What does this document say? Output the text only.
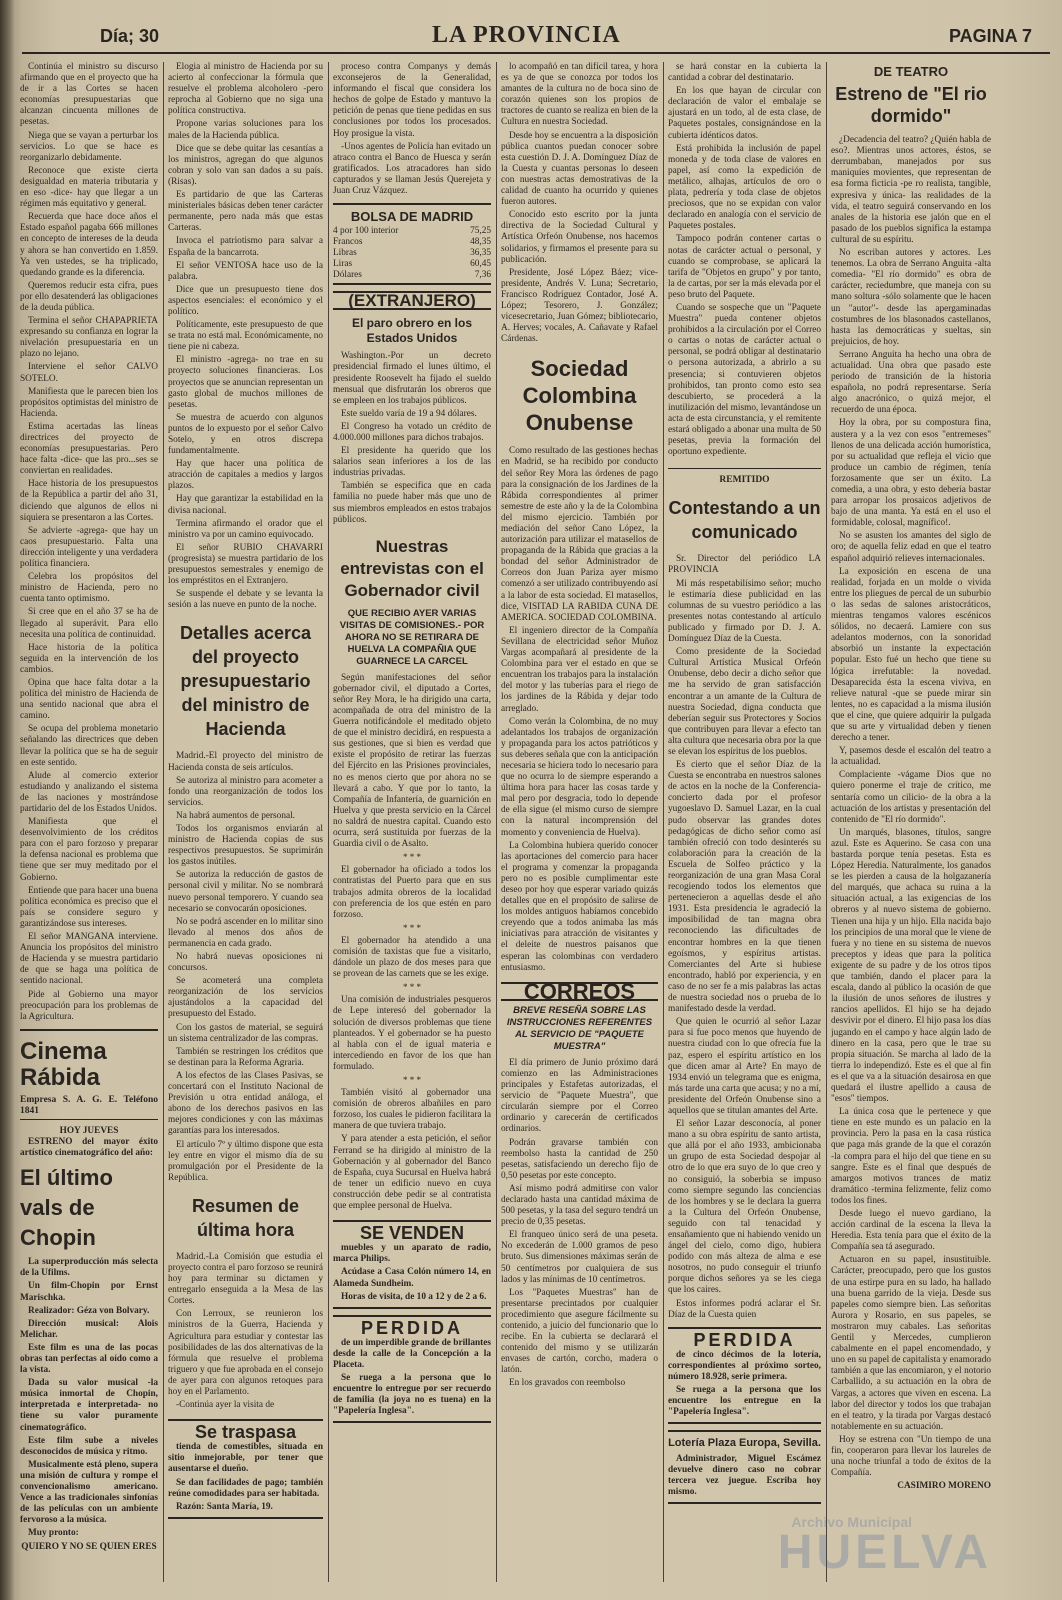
Día; 30	LA PROVINCIA	PAGINA 7

Continúa el ministro su discurso afirmando que en el proyecto que ha de ir a las Cortes se hacen economías presupuestarias que alcanzan cincuenta millones de pesetas.

Niega que se vayan a perturbar los servicios. Lo que se hace es reorganizarlo debidamente.

Reconoce que existe cierta desigualdad en materia tributaria y en eso -dice- hay que llegar a un régimen más equitativo y general.

Recuerda que hace doce años el Estado español pagaba 666 millones en concepto de intereses de la deuda y ahora se han convertido en 1.859. Ya ven ustedes, se ha triplicado, quedando grande es la diferencia.

Queremos reducir esta cifra, pues por ello desatenderá las obligaciones de la deuda pública.

Termina el señor CHAPAPRIETA expresando su confianza en lograr la nivelación presupuestaria en un plazo no lejano.

Interviene el señor CALVO SOTELO.

Manifiesta que le parecen bien los propósitos optimistas del ministro de Hacienda.

Estima acertadas las líneas directrices del proyecto de economías presupuestarias. Pero hace falta -dice- que las pro...ses se conviertan en realidades.

Hace historia de los presupuestos de la República a partir del año 31, diciendo que algunos de ellos ni siquiera se presentaron a las Cortes.

Se advierte -agrega- que hay un caos presupuestario. Falta una dirección inteligente y una verdadera política financiera.

Celebra los propósitos del ministro de Hacienda, pero no cuenta tanto optimismo.

Si cree que en el año 37 se ha de llegado al superávit. Para ello necesita una política de continuidad.

Hace historia de la política seguida en la intervención de los cambios.

Opina que hace falta dotar a la política del ministro de Hacienda de una sentido nacional que abra el camino.

Se ocupa del problema monetario señalando las directrices que deben llevar la política que se ha de seguir en este sentido.

Alude al comercio exterior estudiando y analizando el sistema de las naciones y mostrándose partidario del de los Estados Unidos.

Manifiesta que el desenvolvimiento de los créditos para con el paro forzoso y preparar la defensa nacional es problema que tiene que ser muy meditado por el Gobierno.

Entiende que para hacer una buena política económica es preciso que el país se considere seguro y garantizándose sus intereses.

El señor MANGANA interviene. Anuncia los propósitos del ministro de Hacienda y se muestra partidario de que se haga una política de sentido nacional.

Pide al Gobierno una mayor preocupación para los problemas de la Agricultura.

Cinema Rábida
Empresa S. A. G. E. Teléfono 1841
HOY JUEVES

ESTRENO del mayor éxito artístico cinematográfico del año:

El último vals de Chopin

La superproducción más selecta de la Ufilms.

Un film-Chopin por Ernst Marischka.

Realizador: Géza von Bolvary.

Dirección musical: Alois Melichar.

Este film es una de las pocas obras tan perfectas al oído como a la vista.

Dada su valor musical -la música inmortal de Chopin, interpretada e interpretada- no tiene su valor puramente cinematográfico.

Este film sube a niveles desconocidos de música y ritmo.

Musicalmente está pleno, supera una misión de cultura y rompe el convencionalismo americano. Vence a las tradicionales sinfonías de las películas con un ambiente fervoroso a la música.

Muy pronto:

QUIERO Y NO SE QUIEN ERES

Elogia al ministro de Hacienda por su acierto al confeccionar la fórmula que resuelve el problema alcoholero -pero reprocha al Gobierno que no siga una política constructiva.

Propone varias soluciones para los males de la Hacienda pública.

Dice que se debe quitar las cesantías a los ministros, agregan do que algunos cobran y solo van san dados a su país. (Risas).

Es partidario de que las Carteras ministeriales básicas deben tener carácter permanente, pero nada más que estas Carteras.

Invoca el patriotismo para salvar a España de la bancarrota.

El señor VENTOSA hace uso de la palabra.

Dice que un presupuesto tiene dos aspectos esenciales: el económico y el político.

Políticamente, este presupuesto de que se trata no está mal. Económicamente, no tiene pie ni cabeza.

El ministro -agrega- no trae en su proyecto soluciones financieras. Los proyectos que se anuncian representan un gasto global de muchos millones de pesetas.

Se muestra de acuerdo con algunos puntos de lo expuesto por el señor Calvo Sotelo, y en otros discrepa fundamentalmente.

Hay que hacer una política de atracción de capitales a medios y largos plazos.

Hay que garantizar la estabilidad en la divisa nacional.

Termina afirmando el orador que el ministro va por un camino equivocado.

El señor RUBIO CHAVARRI (progresista) se muestra partidario de los presupuestos semestrales y enemigo de los empréstitos en el Extranjero.

Se suspende el debate y se levanta la sesión a las nueve en punto de la noche.

Detalles acerca del proyecto presupuestario del ministro de Hacienda

Madrid.-El proyecto del ministro de Hacienda consta de seis artículos.

Se autoriza al ministro para acometer a fondo una reorganización de todos los servicios.

Na habrá aumentos de personal.

Todos los organismos enviarán al ministro de Hacienda copias de sus respectivos presupuestos. Se suprimirán los gastos inútiles.

Se autoriza la reducción de gastos de personal civil y militar. No se nombrará nuevo personal temporero. Y cuando sea necesario se convocarán oposiciones.

No se podrá ascender en lo militar sino llevado al menos dos años de permanencia en cada grado.

No habrá nuevas oposiciones ni concursos.

Se acometerá una completa reorganización de los servicios ajustándolos a la capacidad del presupuesto del Estado.

Con los gastos de material, se seguirá un sistema centralizador de las compras.

También se restringen los créditos que se destinan para la Reforma Agraria.

A los efectos de las Clases Pasivas, se concertará con el Instituto Nacional de Previsión u otra entidad análoga, el abono de los derechos pasivos en las mejores condiciones y con las máximas garantías para los interesados.

El artículo 7º y último dispone que esta ley entre en vigor el mismo día de su promulgación por el Presidente de la República.

Resumen de última hora

Madrid.-La Comisión que estudia el proyecto contra el paro forzoso se reunirá hoy para terminar su dictamen y entregarlo enseguida a la Mesa de las Cortes.

Con Lerroux, se reunieron los ministros de la Guerra, Hacienda y Agricultura para estudiar y contestar las posibilidades de las dos alternativas de la fórmula que resuelve el problema triguero y que fue aprobada en el consejo de ayer para con algunos retoques para hoy en el Parlamento.

-Continúa ayer la visita de

Se traspasa

tienda de comestibles, situada en sitio inmejorable, por tener que ausentarse el dueño.

Se dan facilidades de pago; también reúne comodidades para ser habitada.

Razón: Santa María, 19.

proceso contra Companys y demás exconsejeros de la Generalidad, informando el fiscal que considera los hechos de golpe de Estado y mantuvo la petición de penas que tiene pedidas en sus conclusiones por todos los procesados. Hoy prosigue la vista.

-Unos agentes de Policía han evitado un atraco contra el Banco de Huesca y serán gratificados. Los atracadores han sido capturados y se llaman Jesús Querejeta y Juan Cruz Vázquez.

BOLSA DE MADRID
4 por 100 interior	75,25
Francos	48,35
Libras	36,35
Liras	60,45
Dólares	7,36
(EXTRANJERO)
El paro obrero en los Estados Unidos

Washington.-Por un decreto presidencial firmado el lunes último, el presidente Roosevelt ha fijado el sueldo mensual que disfrutarán los obreros que se empleen en los trabajos públicos.

Este sueldo varía de 19 a 94 dólares.

El Congreso ha votado un crédito de 4.000.000 millones para dichos trabajos.

El presidente ha querido que los salarios sean inferiores a los de las industrias privadas.

También se especifica que en cada familia no puede haber más que uno de sus miembros empleados en estos trabajos públicos.

Nuestras entrevistas con el Gobernador civil
QUE RECIBIO AYER VARIAS VISITAS DE COMISIONES.- POR AHORA NO SE RETIRARA DE HUELVA LA COMPAÑIA QUE GUARNECE LA CARCEL

Según manifestaciones del señor gobernador civil, el diputado a Cortes, señor Rey Mora, le ha dirigido una carta, acompañada de otra del ministro de la Guerra notificándole el meditado objeto de que el ministro decidirá, en respuesta a sus gestiones, que si bien es verdad que existe el propósito de retirar las fuerzas del Ejército en las Prisiones provinciales, no es menos cierto que por ahora no se llevará a cabo. Y que por lo tanto, la Compañía de Infantería, de guarnición en Huelva y que presta servicio en la Cárcel no saldrá de nuestra capital. Cuando esto ocurra, será sustituida por fuerzas de la Guardia civil o de Asalto.

* * *

El gobernador ha oficiado a todos los contratistas del Puerto para que en sus trabajos admita obreros de la localidad con preferencia de los que estén en paro forzoso.

* * *

El gobernador ha atendido a una comisión de taxistas que fue a visitarlo, dándole un plazo de dos meses para que se provean de las carnets que se les exige.

* * *

Una comisión de industriales pesqueros de Lepe interesó del gobernador la solución de diversos problemas que tiene planteados. Y el gobernador se ha puesto al habla con el de igual materia e intercediendo en favor de los que han formulado.

* * *

También visitó al gobernador una comisión de obreros albañiles en paro forzoso, los cuales le pidieron facilitara la manera de que tuviera trabajo.

Y para atender a esta petición, el señor Ferrand se ha dirigido al ministro de la Gobernación y al gobernador del Banco de España, cuya Sucursal en Huelva habrá de tener un edificio nuevo en cuya construcción debe pedir se al contratista que emplee personal de Huelva.

SE VENDEN

muebles y un aparato de radio, marca Philips.

Acúdase a Casa Colón número 14, en Alameda Sundheim.

Horas de visita, de 10 a 12 y de 2 a 6.

PERDIDA

de un imperdible grande de brillantes desde la calle de la Concepción a la Placeta.

Se ruega a la persona que lo encuentre lo entregue por ser recuerdo de familia (la joya no es tuena) en la "Papelería Inglesa".

lo acompañó en tan difícil tarea, y hora es ya de que se conozca por todos los amantes de la cultura no de boca sino de corazón quienes son los propios de tractores de cuanto se realiza en bien de la Cultura en nuestra Sociedad.

Desde hoy se encuentra a la disposición pública cuantos puedan conocer sobre esta cuestión D. J. A. Domínguez Díaz de la Cuesta y cuantas personas lo deseen con nuestras actas demostrativas de la calidad de cuanto ha ocurrido y quienes fueron autores.

Conocido esto escrito por la junta directiva de la Sociedad Cultural y Artística Orfeón Onubense, nos hacemos solidarios, y firmamos el presente para su publicación.

Presidente, José López Báez; vice-presidente, Andrés V. Luna; Secretario, Francisco Rodríguez Contador, José A. López; Tesorero, J. González; vicesecretario, Juan Gómez; bibliotecario, A. Herves; vocales, A. Cañavate y Rafael Cárdenas.

Sociedad Colombina Onubense

Como resultado de las gestiones hechas en Madrid, se ha recibido por conducto del señor Rey Mora las órdenes de pago para la consignación de los Jardines de la Rábida correspondientes al primer semestre de este año y la de la Colombina del mismo ejercicio. También por mediación del señor Cano López, la autorización para utilizar el matasellos de propaganda de la Rábida que gracias a la bondad del señor Administrador de Correos don Juan Pariza ayer mismo comenzó a ser utilizado contribuyendo así a la labor de esta sociedad. El matasellos, dice, VISITAD LA RABIDA CUNA DE AMERICA. SOCIEDAD COLOMBINA.

El ingeniero director de la Compañía Sevillana de electricidad señor Muñoz Vargas acompañará al presidente de la Colombina para ver el estado en que se encuentran los trabajos para la instalación del motor y las tuberías para el riego de los jardines de la Rábida y dejar todo arreglado.

Como verán la Colombina, de no muy adelantados los trabajos de organización y propaganda para los actos patrióticos y sus deberes señala que con la anticipación necesaria se hiciera todo lo necesario para que no ocurra lo de siempre esperando a última hora para hacer las cosas tarde y mal pero por desgracia, todo lo depende de ella sigue (el mismo curso de siempre con la natural incomprensión del momento y conveniencia de Huelva).

La Colombina hubiera querido conocer las aportaciones del comercio para hacer el programa y comenzar la propaganda pero no es posible cumplimentar este deseo por hoy que esperar variado quizás detalles que en el propósito de salirse de los moldes antiguos habíamos concebido creyendo que a todos animaba las más iniciativas para atracción de visitantes y el deleite de nuestros paisanos que esperan las colombinas con verdadero entusiasmo.

CORREOS
BREVE RESEÑA SOBRE LAS INSTRUCCIONES REFERENTES AL SERVICIO DE "PAQUETE MUESTRA"

El día primero de Junio próximo dará comienzo en las Administraciones principales y Estafetas autorizadas, el servicio de "Paquete Muestra", que circularán siempre por el Correo ordinario y carecerán de certificados ordinarios.

Podrán gravarse también con reembolso hasta la cantidad de 250 pesetas, satisfaciendo un derecho fijo de 0,50 pesetas por este concepto.

Así mismo podrá admitirse con valor declarado hasta una cantidad máxima de 500 pesetas, y la tasa del seguro tendrá un precio de 0,35 pesetas.

El franqueo único será de una peseta. No excederán de 1.000 gramos de peso bruto. Sus dimensiones máximas serán de 50 centímetros por cualquiera de sus lados y las mínimas de 10 centímetros.

Los "Paquetes Muestras" han de presentarse precintados por cualquier procedimiento que asegure fácilmente su contenido, a juicio del funcionario que lo recibe. En la cubierta se declarará el contenido del mismo y se utilizarán envases de cartón, corcho, madera o latón.

En los gravados con reembolso

se hará constar en la cubierta la cantidad a cobrar del destinatario.

En los que hayan de circular con declaración de valor el embalaje se ajustará en un todo, al de esta clase, de Paquetes postales, consignándose en la cubierta idénticos datos.

Está prohibida la inclusión de papel moneda y de toda clase de valores en papel, así como la expedición de metálico, alhajas, artículos de oro o plata, pedrería y toda clase de objetos preciosos, que no se expidan con valor declarado en analogía con el servicio de Paquetes postales.

Tampoco podrán contener cartas o notas de carácter actual o personal, y cuando se comprobase, se aplicará la tarifa de "Objetos en grupo" y por tanto, la de cartas, por ser la más elevada por el peso bruto del Paquete.

Cuando se sospeche que un "Paquete Muestra" pueda contener objetos prohibidos a la circulación por el Correo o cartas o notas de carácter actual o personal, se podrá obligar al destinatario o persona autorizada, a abrirlo a su presencia; si contuvieren objetos prohibidos, tan pronto como esto sea descubierto, se procederá a la inutilización del mismo, levantándose un acta de esta circunstancia, y el remitente estará obligado a abonar una multa de 50 pesetas, previa la formación del oportuno expediente.

REMITIDO
Contestando a un comunicado

Sr. Director del periódico LA PROVINCIA

Mi más respetabilísimo señor; mucho le estimaría diese publicidad en las columnas de su vuestro periódico a las presentes notas contestando al artículo publicado y firmado por D. J. A. Domínguez Díaz de la Cuesta.

Como presidente de la Sociedad Cultural Artística Musical Orfeón Onubense, debo decir a dicho señor que me ha servido de gran satisfacción encontrar a un amante de la Cultura de nuestra Sociedad, digna conducta que deberían seguir sus Protectores y Socios que contribuyen para llevar a efecto tan alta cultura que necesaria obra por la que se elevan los espíritus de los pueblos.

Es cierto que el señor Díaz de la Cuesta se encontraba en nuestros salones de actos en la noche de la Conferencia-concierto dada por el profesor yugoeslavo D. Samuel Lazar, en la cual pudo observar las grandes dotes pedagógicas de dicho señor como así también ofreció con todo desinterés su colaboración para la creación de la Escuela de Solfeo práctico y la reorganización de una gran Masa Coral recogiendo todos los elementos que pertenecieron a aquellas desde el año 1931. Esta presidencia le agradeció la imposibilidad de tan magna obra reconociendo las dificultades de encontrar hombres en la que tienen egoísmos, y espíritus artistas. Comerciantes del Arte si hubiese encontrado, habló por experiencia, y en caso de no ser fe a mis palabras las actas de nuestra sociedad nos o prueba de lo manifestado desde la verdad.

Que quien le ocurrió al señor Lazar para si fue poco menos que huyendo de nuestra ciudad con lo que ofrecía fue la paz, espero el espíritu artístico en los que dicen amar al Arte? En mayo de 1934 envió un telegrama que es enigma, más tarde una carta que acusa; y no a mí, presidente del Orfeón Onubense sino a aquellos que se titulan amantes del Arte.

El señor Lazar desconocía, al poner mano a su obra espíritu de santo artista, que allá por el año 1933, ambicionaba un grupo de esta Sociedad despojar al otro de lo que era suyo de lo que creo y no consiguió, la soberbia se impuso como siempre segundo las conciencias de los hombres y se le declara la guerra a la Cultura del Orfeón Onubense, seguido con tal tenacidad y ensañamiento que ni habiendo venido un ángel del cielo, como digo, hubiera podido con más alteza de alma e ese nosotros, no pudo conseguir el triunfo porque dichos señores ya se les ciega que los caires.

Estos informes podrá aclarar el Sr. Díaz de la Cuesta quien

PERDIDA

de cinco décimos de la lotería, correspondientes al próximo sorteo, número 18.928, serie primera.

Se ruega a la persona que los encuentre los entregue en la "Papelería Inglesa".

Lotería Plaza Europa, Sevilla.

Administrador, Miguel Escámez devuelve dinero caso no cobrar tercera vez juegue. Escriba hoy mismo.

DE TEATRO
Estreno de "El rio dormido"

¿Decadencia del teatro? ¿Quién habla de eso?. Mientras unos actores, éstos, se derrumbaban, manejados por sus maniquíes movientes, que representan de esa forma ficticia -pe ro realista, tangible, expresiva y única- las realidades de la vida, el teatro seguirá conservando en los anales de la historia ese jalón que en el pasado de los pueblos significa la estampa cultural de su espíritu.

No escriban autores y actores. Les tenemos. La obra de Serrano Anguita -alta comedia- "El río dormido" es obra de carácter, reciedumbre, que maneja con su mano soltura -sólo solamente que le hacen un "autor"- desde las apergaminadas costumbres de los blasonados castellanos, hasta las democráticas y sueltas, sin prejuicios, de hoy.

Serrano Anguita ha hecho una obra de actualidad. Una obra que pasado este período de transición de la historia española, no podrá representarse. Sería algo anacrónico, o quizá mejor, el recuerdo de una época.

Hoy la obra, por su compostura fina, austera y a la vez con esos "entremeses" llenos de una delicada acción humorística, por su actualidad que refleja el vicio que produce un cambio de régimen, tenía forzosamente que ser un éxito. La comedia, a una obra, y esto debería bastar para arropar los prosaicos adjetivos de bajo de una manta. Ya está en el uso el formidable, colosal, magnífico!.

No se asusten los amantes del siglo de oro; de aquella feliz edad en que el teatro español adquirió relieves internacionales.

La exposición en escena de una realidad, forjada en un molde o vivida entre los pliegues de percal de un suburbio o las sedas de salones aristocráticos, mientras tengamos valores escénicos sólidos, no decaerá. Lamiere con sus adelantos modernos, con la sonoridad absorbió un instante la expectación popular. Esto fué un hecho que tiene su lógica irrefutable: la novedad. Desaparecida ésta la escena viviva, en relieve natural -que se puede mirar sin lentes, no es capacidad a la misma ilusión que el cine, que quiere adquirir la pulgada que su arte y virtualidad deben y tienen derecho a tener.

Y, pasemos desde el escalón del teatro a la actualidad.

Complaciente -vágame Dios que no quiero ponerme el traje de crítico, me sentaría como un cilicio- de la obra a la actuación de los artistas y presentación del contenido de "El río dormido".

Un marqués, blasones, títulos, sangre azul. Este es Aquerino. Se casa con una bastarda porque tenía pesetas. Esta es López Heredia. Naturalmente, los ganados se les pierden a causa de la holgazanería del marqués, que achaca su ruina a la situación actual, a las exigencias de los obreros y al nuevo sistema de gobierno. Tienen una hija y un hijo. Ella nacida bajo los principios de una moral que le viene de fuera y no tiene en su sistema de nuevos preceptos y ideas que para la política exigente de su padre y de los otros tipos que también, dando el placer para la escala, dando al público la ocasión de que la ilusión de unos señores de ilustres y rancios apellidos. El hijo se ha dejado desvivir por el dinero. El hijo pasa los días jugando en el campo y hace algún lado de dinero en la casa, pero que le trae su propia situación. Se marcha al lado de la tierra lo independizó. Este es el que al fin es el que va a la situación desairosa en que quedará el ilustre apellido a causa de "esos" tiempos.

La única cosa que le pertenece y que tiene en este mundo es un palacio en la provincia. Pero la pasa en la casa rústica que paga más grande de la que el corazón -la compra para el hijo del que tiene en su sangre. Este es el final que después de amargos motivos trances de matiz dramático -termina felizmente, feliz como todos los fines.

Desde luego el nuevo gardiano, la acción cardinal de la escena la lleva la Heredia. Esta tenía para que el éxito de la Compañía sea tá asegurado.

Actuaron en su papel, insustituible. Carácter, preocupado, pero que los gustos de una estirpe pura en su lado, ha hallado una buena garrido de la vieja. Desde sus papeles como siempre bien. Las señoritas Aurora y Rosario, en sus papeles, se mostraron muy cabales. Las señoritas Gentil y Mercedes, cumplieron cabalmente en el papel encomendado, y uno en su papel de capitalista y enamorado también a que las encomiaron, y el notorio Carballido, a su actuación en la obra de Vargas, a actores que viven en escena. La labor del director y todos los que trabajan en el teatro, y la tirada por Vargas destacó notablemente en su actuación.

Hoy se estrena con "Un tiempo de una fin, cooperaron para llevar los laureles de una noche triunfal a todo de éxitos de la Compañía.

CASIMIRO MORENO
Archivo Municipal
HUELVA
